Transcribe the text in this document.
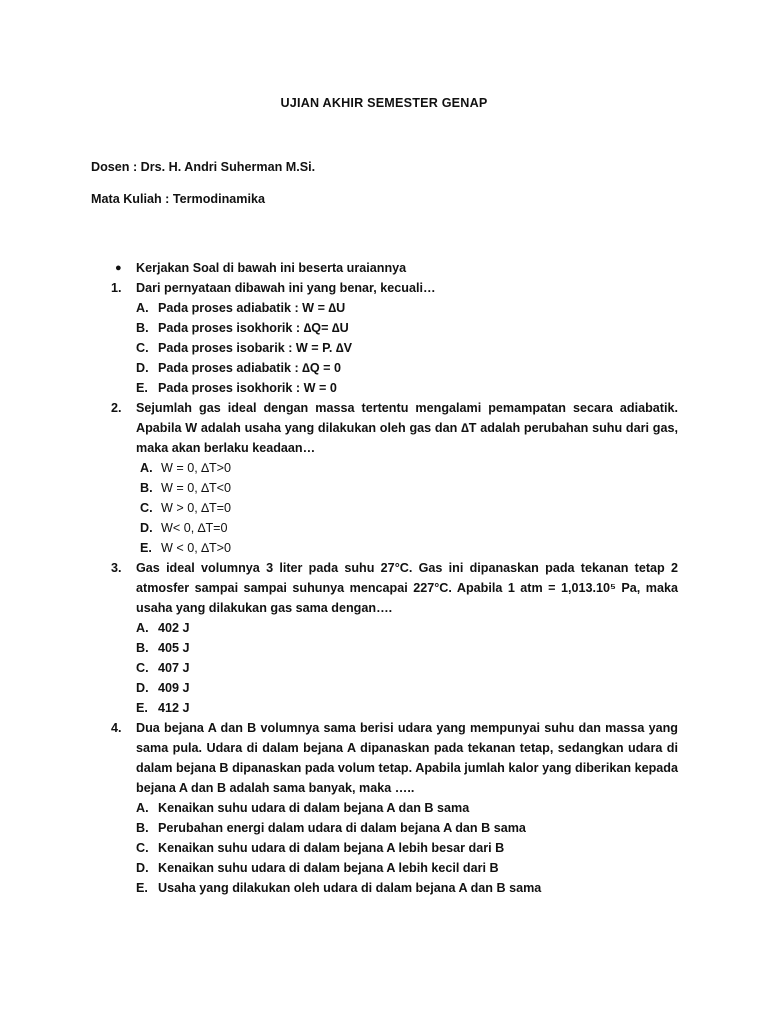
UJIAN AKHIR SEMESTER GENAP
Dosen : Drs. H. Andri Suherman M.Si.
Mata Kuliah : Termodinamika
● Kerjakan Soal di bawah ini beserta uraiannya
1. Dari pernyataan dibawah ini yang benar, kecuali…
A. Pada proses adiabatik : W = ∆U
B. Pada proses isokhorik : ∆Q= ∆U
C. Pada proses isobarik : W = P. ∆V
D. Pada proses adiabatik : ∆Q = 0
E. Pada proses isokhorik : W = 0
2. Sejumlah gas ideal dengan massa tertentu mengalami pemampatan secara adiabatik. Apabila W adalah usaha yang dilakukan oleh gas dan ∆T adalah perubahan suhu dari gas, maka akan berlaku keadaan…
A. W = 0, ∆T>0
B. W = 0, ∆T<0
C. W > 0, ∆T=0
D. W< 0, ∆T=0
E. W < 0, ∆T>0
3. Gas ideal volumnya 3 liter pada suhu 27°C. Gas ini dipanaskan pada tekanan tetap 2 atmosfer sampai sampai suhunya mencapai 227°C. Apabila 1 atm = 1,013.10⁵ Pa, maka usaha yang dilakukan gas sama dengan….
A. 402 J
B. 405 J
C. 407 J
D. 409 J
E. 412 J
4. Dua bejana A dan B volumnya sama berisi udara yang mempunyai suhu dan massa yang sama pula. Udara di dalam bejana A dipanaskan pada tekanan tetap, sedangkan udara di dalam bejana B dipanaskan pada volum tetap. Apabila jumlah kalor yang diberikan kepada bejana A dan B adalah sama banyak, maka …..
A. Kenaikan suhu udara di dalam bejana A dan B sama
B. Perubahan energi dalam udara di dalam bejana A dan B sama
C. Kenaikan suhu udara di dalam bejana A lebih besar dari B
D. Kenaikan suhu udara di dalam bejana A lebih kecil dari B
E. Usaha yang dilakukan oleh udara di dalam bejana A dan B sama
